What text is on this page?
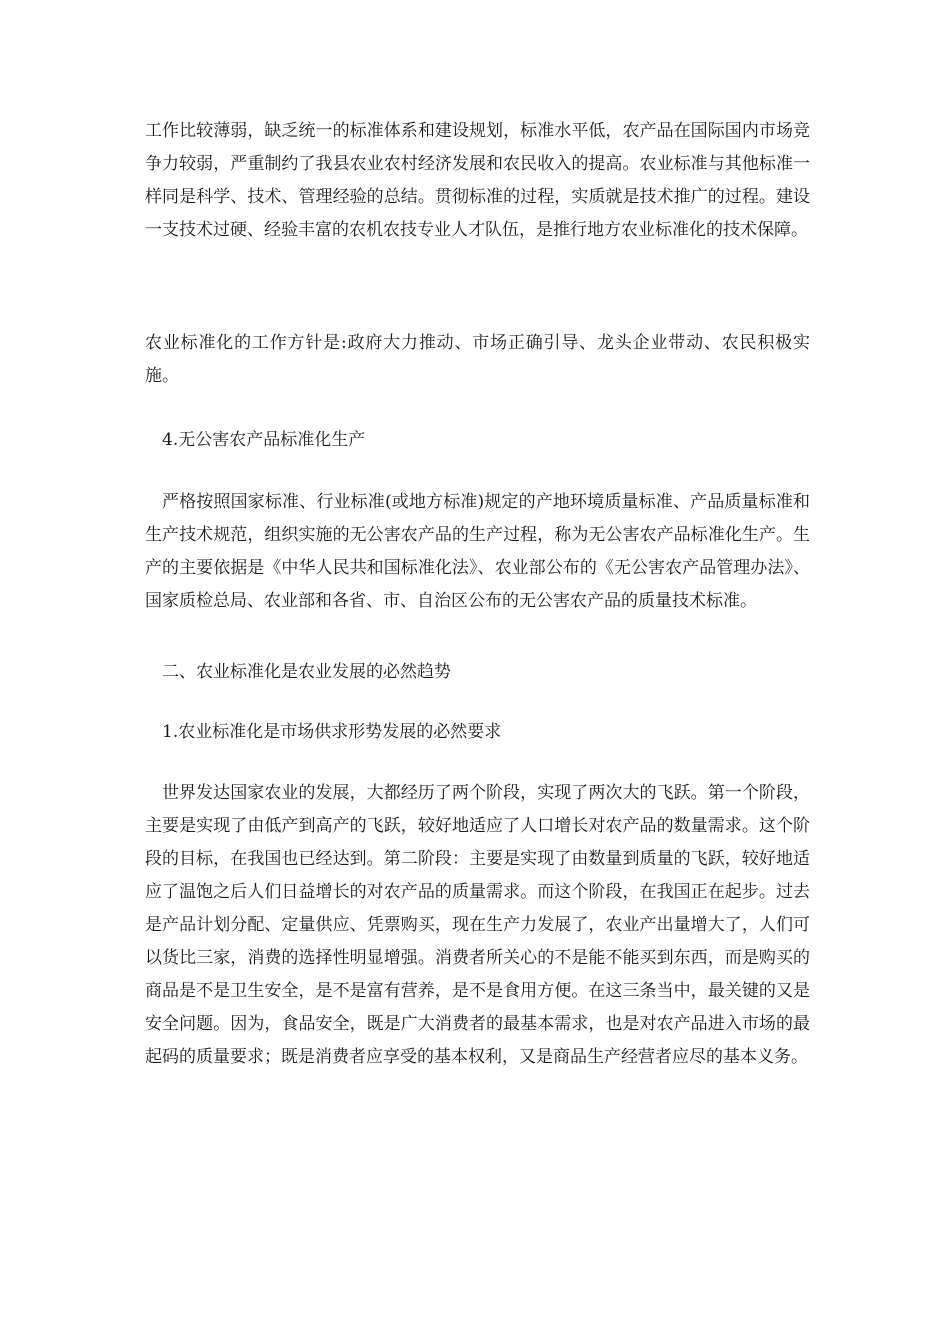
工作比较薄弱，缺乏统一的标准体系和建设规划，标准水平低，农产品在国际国内市场竞争力较弱，严重制约了我县农业农村经济发展和农民收入的提高。农业标准与其他标准一样同是科学、技术、管理经验的总结。贯彻标准的过程，实质就是技术推广的过程。建设一支技术过硬、经验丰富的农机农技专业人才队伍，是推行地方农业标准化的技术保障。

农业标准化的工作方针是:政府大力推动、市场正确引导、龙头企业带动、农民积极实施。

4.无公害农产品标准化生产

严格按照国家标准、行业标准(或地方标准)规定的产地环境质量标准、产品质量标准和生产技术规范，组织实施的无公害农产品的生产过程，称为无公害农产品标准化生产。生产的主要依据是《中华人民共和国标准化法》、农业部公布的《无公害农产品管理办法》、国家质检总局、农业部和各省、市、自治区公布的无公害农产品的质量技术标准。

二、农业标准化是农业发展的必然趋势

1.农业标准化是市场供求形势发展的必然要求

世界发达国家农业的发展，大都经历了两个阶段，实现了两次大的飞跃。第一个阶段，主要是实现了由低产到高产的飞跃，较好地适应了人口增长对农产品的数量需求。这个阶段的目标，在我国也已经达到。第二阶段：主要是实现了由数量到质量的飞跃，较好地适应了温饱之后人们日益增长的对农产品的质量需求。而这个阶段，在我国正在起步。过去是产品计划分配、定量供应、凭票购买，现在生产力发展了，农业产出量增大了，人们可以货比三家，消费的选择性明显增强。消费者所关心的不是能不能买到东西，而是购买的商品是不是卫生安全，是不是富有营养，是不是食用方便。在这三条当中，最关键的又是安全问题。因为，食品安全，既是广大消费者的最基本需求，也是对农产品进入市场的最起码的质量要求；既是消费者应享受的基本权利，又是商品生产经营者应尽的基本义务。
